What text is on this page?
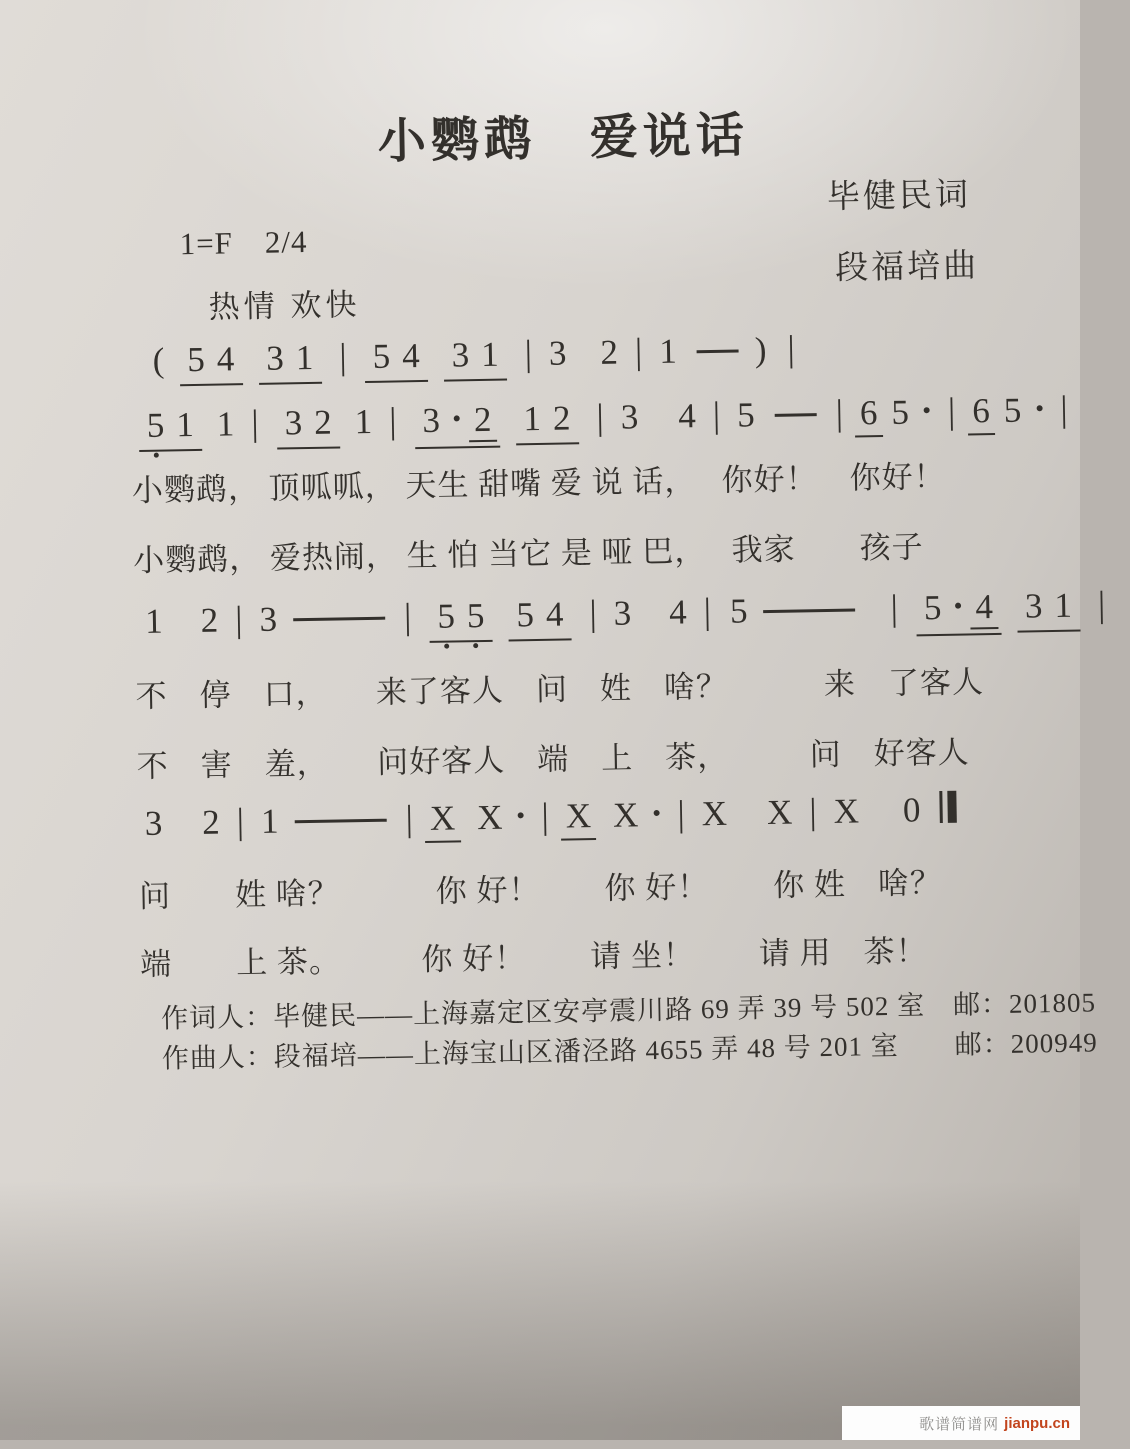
小鹦鹉　爱说话
毕健民词
1=F　2/4
段福培曲
热情 欢快
( 5 4 3 1 | 5 4 3 1 | 3 2 | 1 ) |
5 1 1 | 3 2 1 | 3 2 1 2 | 3 4 | 5 | 6 5 | 6 5 |
小鹦鹉， 顶呱呱， 天生 甜嘴 爱 说 话，　 你好！　你好！
小鹦鹉， 爱热闹， 生 怕 当它 是 哑 巴，　 我家　　孩子
1 2 | 3	| 5 5 5 4 | 3 4 | 5	| 5 4 3 1 |
不　停　口，　　来了客人　问　姓　啥？　　　来　了客人
不　害　羞，　　问好客人　端　上　茶，　　　问　好客人
3 2 | 1	| X X | X X | X X | X 0
问　　姓 啥？　　　你 好！　　你 好！　　你 姓　啥？
端　　上 茶。　　　你 好！　　请 坐！　　请 用　茶！
作词人：毕健民——上海嘉定区安亭震川路 69 弄 39 号 502 室　邮：201805
作曲人：段福培——上海宝山区潘泾路 4655 弄 48 号 201 室　　邮：200949
歌谱简谱网 jianpu.cn
